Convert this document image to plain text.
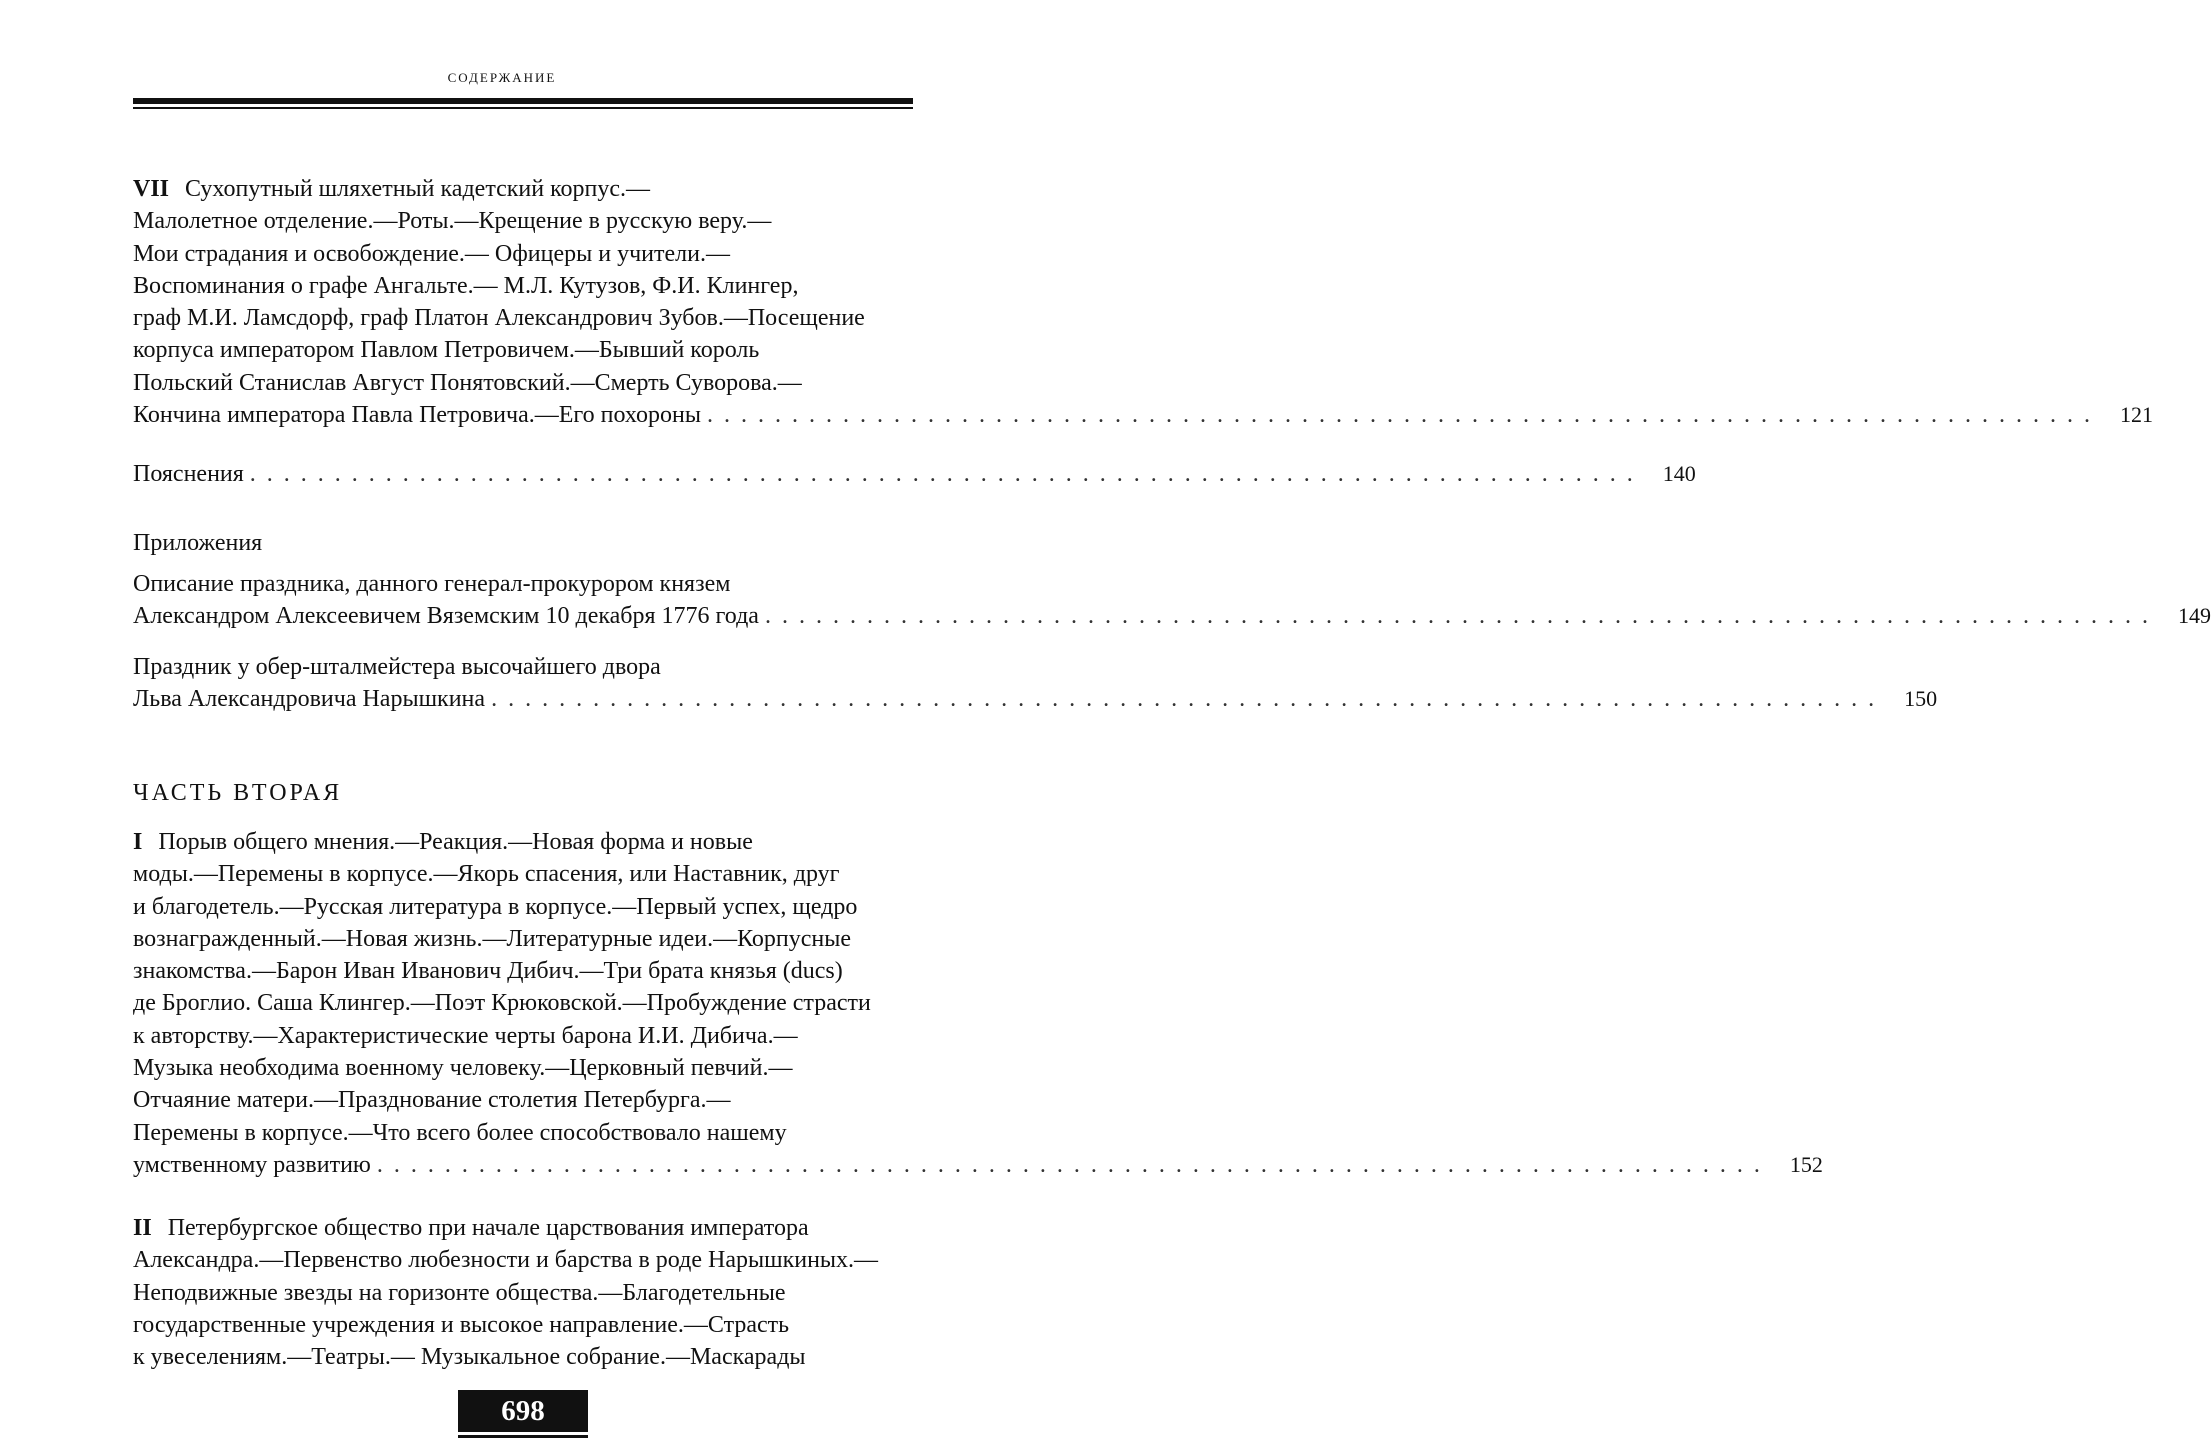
СОДЕРЖАНИЕ
VII Сухопутный шляхетный кадетский корпус.—
Малолетное отделение.—Роты.—Крещение в русскую веру.—
Мои страдания и освобождение.— Офицеры и учители.—
Воспоминания о графе Ангальте.— М.Л. Кутузов, Ф.И. Клингер,
граф М.И. Ламсдорф, граф Платон Александрович Зубов.—Посещение
корпуса императором Павлом Петровичем.—Бывший король
Польский Станислав Август Понятовский.—Смерть Суворова.—
Кончина императора Павла Петровича.—Его похороны .................................................................................. 121
Пояснения .................................................................................. 140
Приложения
Описание праздника, данного генерал-прокурором князем
Александром Алексеевичем Вяземским 10 декабря 1776 года .................................................................................. 149
Праздник у обер-шталмейстера высочайшего двора
Льва Александровича Нарышкина .................................................................................. 150
ЧАСТЬ ВТОРАЯ
I Порыв общего мнения.—Реакция.—Новая форма и новые
моды.—Перемены в корпусе.—Якорь спасения, или Наставник, друг
и благодетель.—Русская литература в корпусе.—Первый успех, щедро
вознагражденный.—Новая жизнь.—Литературные идеи.—Корпусные
знакомства.—Барон Иван Иванович Дибич.—Три брата князья (ducs)
де Броглио. Саша Клингер.—Поэт Крюковской.—Пробуждение страсти
к авторству.—Характеристические черты барона И.И. Дибича.—
Музыка необходима военному человеку.—Церковный певчий.—
Отчаяние матери.—Празднование столетия Петербурга.—
Перемены в корпусе.—Что всего более способствовало нашему
умственному развитию .................................................................................. 152
II Петербургское общество при начале царствования императора
Александра.—Первенство любезности и барства в роде Нарышкиных.—
Неподвижные звезды на горизонте общества.—Благодетельные
государственные учреждения и высокое направление.—Страсть
к увеселениям.—Театры.— Музыкальное собрание.—Маскарады
698
